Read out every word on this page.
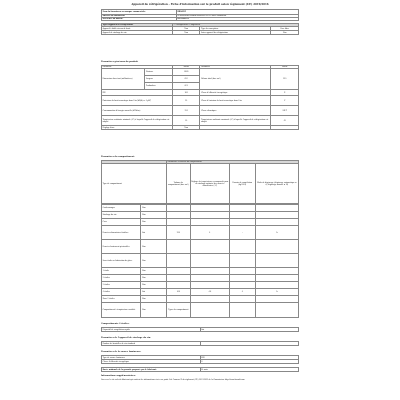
Appareil de réfrigération - Fiche d'information sur le produit selon règlement (UE) 2019/2016
Nom du fournisseur ou marque commerciale:	BRANDT
Adresse du fournisseur:	89 boulevard Franklin Roosevelt 92500 Rueil Malmaison
Référence du modèle:	BVC8641VS
Type d'appareil de réfrigération:	1 - Réfrigérateur / Congélateur		
Appareil à faible niveau de bruit	Non	Type de conception:	Pose libre
Appareil de stockage du vin	Non	Autre appareil de réfrigération:	Non
Paramètres généraux du produit:
Paramètre		Valeur	Paramètre	Valeur
Dimensions hors tout (millimètres)	Hauteur	1880	Volume total (dm³ ou l)	329
	Largeur	695		
	Profondeur	661		
IEE		100	Classe d'efficacité énergétique	E
Émissions de bruit acoustique dans l'air [dB(A) re 1 pW]		39	Classe d'émission de bruit acoustique dans l'air	C
Consommation d'énergie annuelle (kWh/an)		250	Classe climatique:	SN-T
Température ambiante minimale (°C) à laquelle l'appareil de réfrigération est adapté		10	Température ambiante maximale (°C) à laquelle l'appareil de réfrigération est adapté	43
Réglage hiver		Non		
Paramètres du compartiment:
	Paramètres et valeurs du compartiment			
Type de compartiment	Volume du compartiment (dm³ ou l)	Réglage de température recommandé pour un stockage optimisé des denrées alimentaires (°C)	Pouvoir de congélation (kg/24 h)	Mode de dégivrage (dégivrage automatique = A, dégivrage manuel = M)
Garde-manger	Non				
Stockage du vin	Non				
Cave	Non				
Denrées alimentaires fraîches	Oui	229	4	-	A
Denrées hautement périssables	Non				
Sans étoile ou fabrication de glace	Non				
1 étoile	Non				
2 étoiles	Non				
3 étoiles	Non				
4 étoiles	Oui	100	-18	4	A
Zone 2 étoiles	Non				
Compartiment à température variable	Non	Types de compartiment			
Compartiments 4 étoiles:
Dispositif de congélation rapide	Oui
Paramètres de l'appareil de stockage du vin:
Nombre de bouteilles de vin standard	
Paramètres de la source lumineuse:
Type de source lumineuse	LED
Classe d'efficacité énergétique	G
Durée minimale de la garantie proposée par le fabricant:	24 mois
Informations supplémentaires:
Lien vers le site web du fabricant qui contient les informations visées au point 4 de l'annexe II du règlement (UE) 2019/2022 de la Commission: http://www.brandt.com
